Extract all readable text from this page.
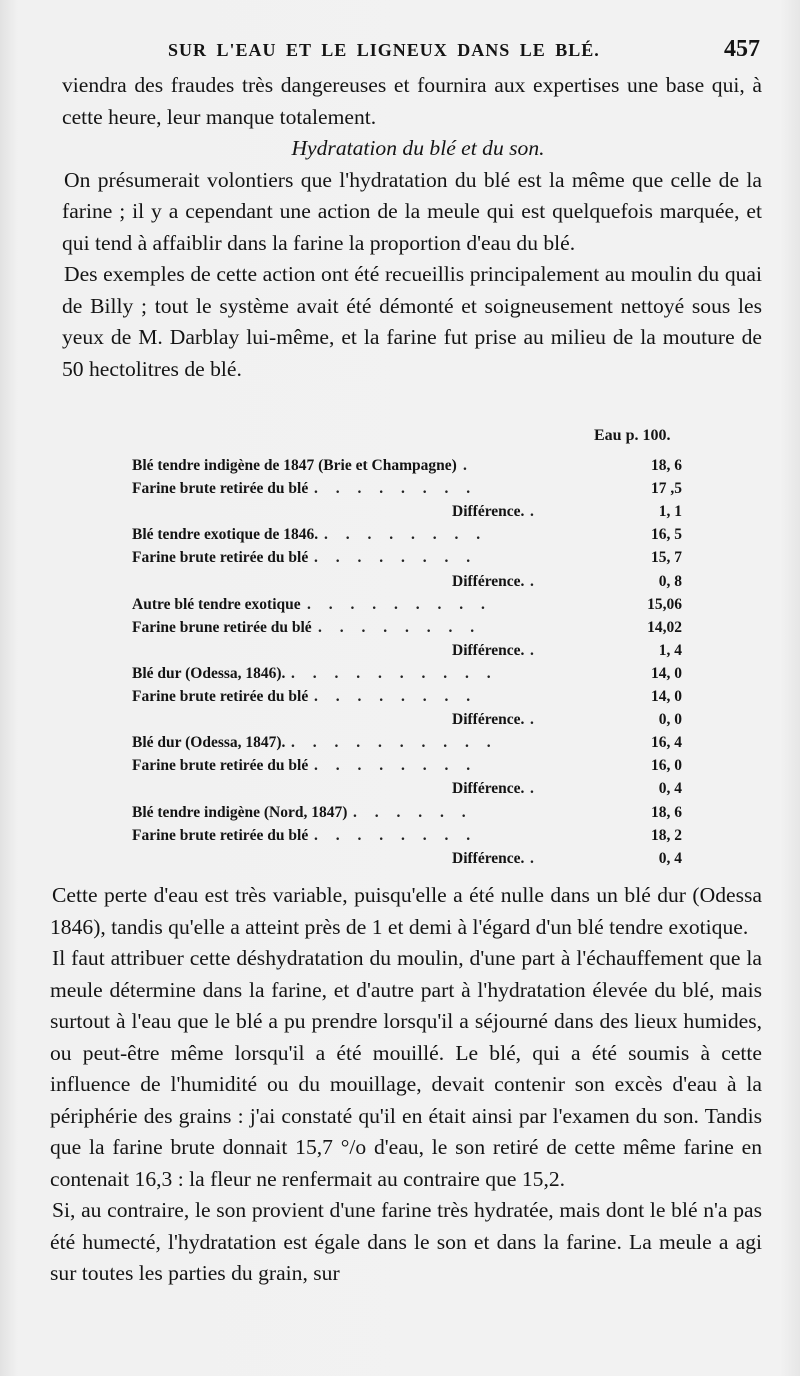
SUR L'EAU ET LE LIGNEUX DANS LE BLÉ.	457

viendra des fraudes très dangereuses et fournira aux expertises une base qui, à cette heure, leur manque totalement.

Hydratation du blé et du son.

On présumerait volontiers que l'hydratation du blé est la même que celle de la farine ; il y a cependant une action de la meule qui est quelquefois marquée, et qui tend à affaiblir dans la farine la proportion d'eau du blé.

Des exemples de cette action ont été recueillis principalement au moulin du quai de Billy ; tout le système avait été démonté et soigneusement nettoyé sous les yeux de M. Darblay lui-même, et la farine fut prise au milieu de la mouture de 50 hectolitres de blé.

Eau p. 100.
Blé tendre indigène de 1847 (Brie et Champagne) .	18, 6
Farine brute retirée du blé . . . . . . . .	17 ,5
Différence. .	1, 1
Blé tendre exotique de 1846. . . . . . . . .	16, 5
Farine brute retirée du blé . . . . . . . .	15, 7
Différence. .	0, 8
Autre blé tendre exotique . . . . . . . . .	15,06
Farine brune retirée du blé . . . . . . . .	14,02
Différence. .	1, 4
Blé dur (Odessa, 1846). . . . . . . . . . .	14, 0
Farine brute retirée du blé . . . . . . . .	14, 0
Différence. .	0, 0
Blé dur (Odessa, 1847). . . . . . . . . . .	16, 4
Farine brute retirée du blé . . . . . . . .	16, 0
Différence. .	0, 4
Blé tendre indigène (Nord, 1847) . . . . . .	18, 6
Farine brute retirée du blé . . . . . . . .	18, 2
Différence. .	0, 4

Cette perte d'eau est très variable, puisqu'elle a été nulle dans un blé dur (Odessa 1846), tandis qu'elle a atteint près de 1 et demi à l'égard d'un blé tendre exotique.

Il faut attribuer cette déshydratation du moulin, d'une part à l'échauffement que la meule détermine dans la farine, et d'autre part à l'hydratation élevée du blé, mais surtout à l'eau que le blé a pu prendre lorsqu'il a séjourné dans des lieux humides, ou peut-être même lorsqu'il a été mouillé. Le blé, qui a été soumis à cette influence de l'humidité ou du mouillage, devait contenir son excès d'eau à la périphérie des grains : j'ai constaté qu'il en était ainsi par l'examen du son. Tandis que la farine brute donnait 15,7 °/o d'eau, le son retiré de cette même farine en contenait 16,3 : la fleur ne renfermait au contraire que 15,2.

Si, au contraire, le son provient d'une farine très hydratée, mais dont le blé n'a pas été humecté, l'hydratation est égale dans le son et dans la farine. La meule a agi sur toutes les parties du grain, sur
